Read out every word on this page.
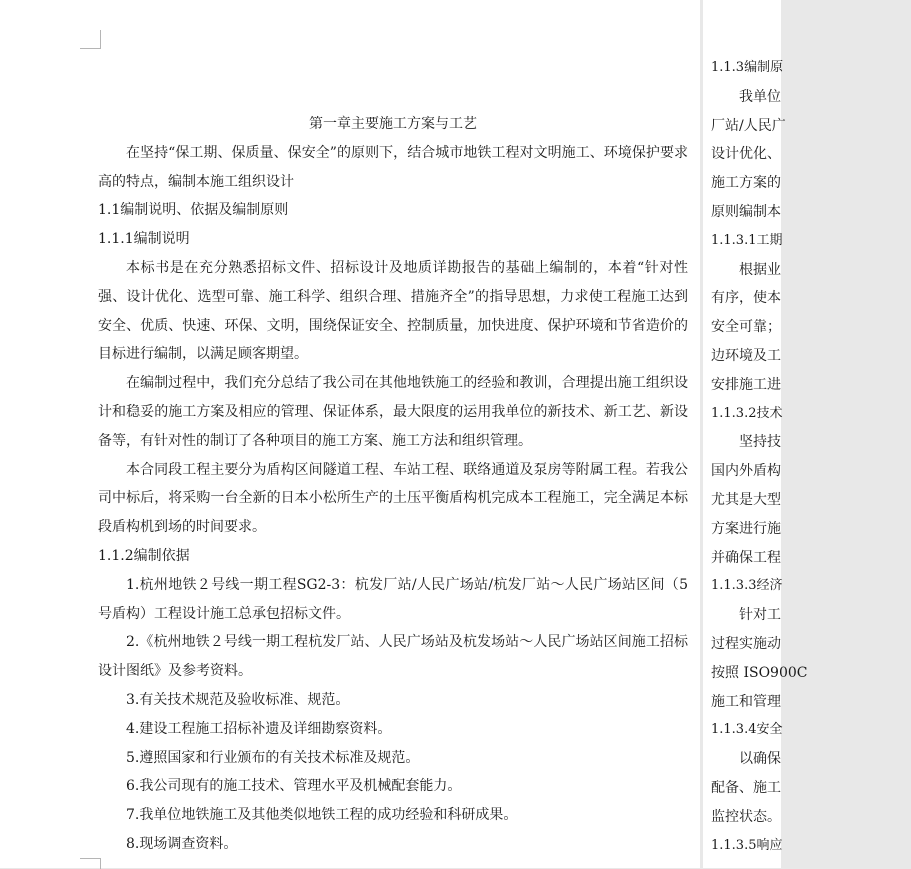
第一章主要施工方案与工艺

在坚持“保工期、保质量、保安全”的原则下，结合城市地铁工程对文明施工、环境保护要求高的特点，编制本施工组织设计

1.1编制说明、依据及编制原则
1.1.1编制说明

本标书是在充分熟悉招标文件、招标设计及地质详勘报告的基础上编制的，本着“针对性强、设计优化、选型可靠、施工科学、组织合理、措施齐全”的指导思想，力求使工程施工达到安全、优质、快速、环保、文明，围绕保证安全、控制质量，加快进度、保护环境和节省造价的目标进行编制，以满足顾客期望。

在编制过程中，我们充分总结了我公司在其他地铁施工的经验和教训，合理提出施工组织设计和稳妥的施工方案及相应的管理、保证体系，最大限度的运用我单位的新技术、新工艺、新设备等，有针对性的制订了各种项目的施工方案、施工方法和组织管理。

本合同段工程主要分为盾构区间隧道工程、车站工程、联络通道及泵房等附属工程。若我公司中标后，将采购一台全新的日本小松所生产的土压平衡盾构机完成本工程施工，完全满足本标段盾构机到场的时间要求。

1.1.2编制依据

1.杭州地铁２号线一期工程SG2-3：杭发厂站/人民广场站/杭发厂站～人民广场站区间（5号盾构）工程设计施工总承包招标文件。

2.《杭州地铁２号线一期工程杭发厂站、人民广场站及杭发场站～人民广场站区间施工招标设计图纸》及参考资料。

3.有关技术规范及验收标准、规范。

4.建设工程施工招标补遗及详细勘察资料。

5.遵照国家和行业颁布的有关技术标准及规范。

6.我公司现有的施工技术、管理水平及机械配套能力。

7.我单位地铁施工及其他类似地铁工程的成功经验和科研成果。

8.现场调查资料。

1.1.3编制原
我单位
厂站/人民广
设计优化、
施工方案的
原则编制本
1.1.3.1工期
根据业
有序，使本
安全可靠；
边环境及工
安排施工进
1.1.3.2技术
坚持技
国内外盾构
尤其是大型
方案进行施
并确保工程
1.1.3.3经济
针对工
过程实施动
按照 ISO900C
施工和管理
1.1.3.4安全
以确保
配备、施工
监控状态。
1.1.3.5响应
